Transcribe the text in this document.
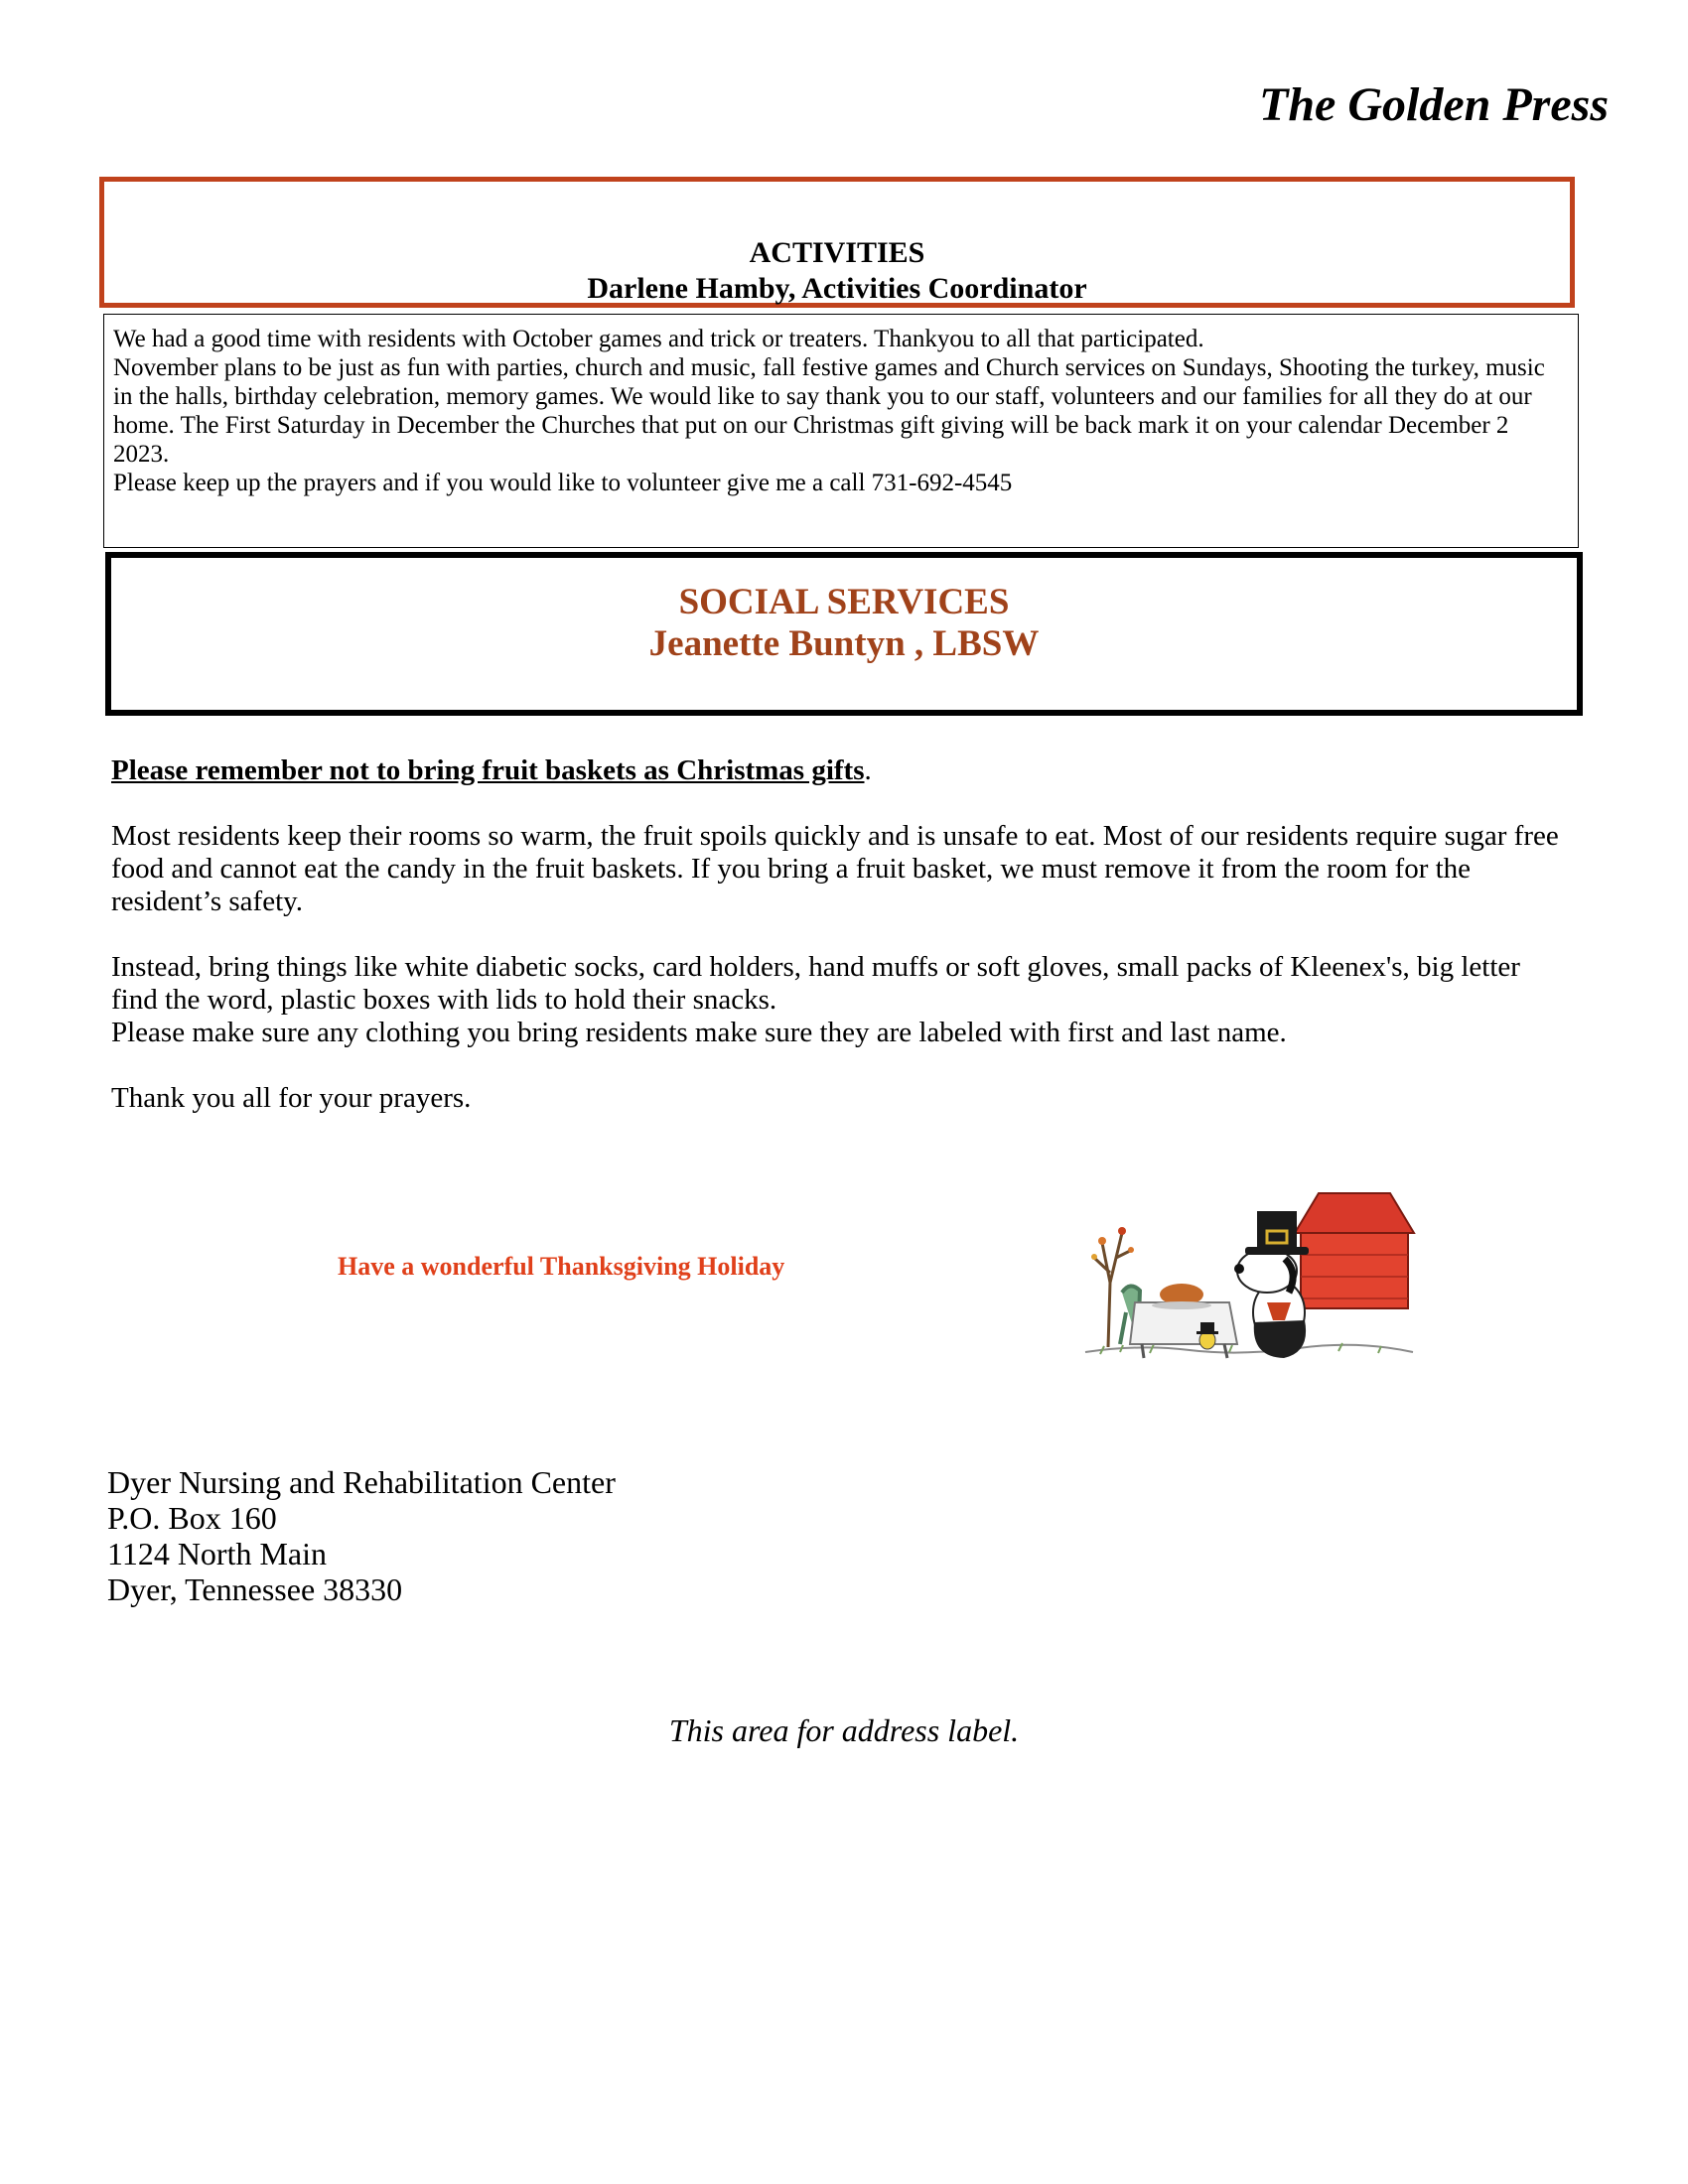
The Golden Press
ACTIVITIES
Darlene Hamby, Activities Coordinator

We had a good time with residents with October games and trick or treaters. Thankyou to all that participated.

November plans to be just as fun with parties, church and music, fall festive games and Church services on Sundays, Shooting the turkey, music in the halls, birthday celebration, memory games. We would like to say thank you to our staff, volunteers and our families for all they do at our home. The First Saturday in December the Churches that put on our Christmas gift giving will be back mark it on your calendar December 2 2023.

Please keep up the prayers and if you would like to volunteer give me a call 731-692-4545

SOCIAL SERVICES
Jeanette Buntyn , LBSW

Please remember not to bring fruit baskets as Christmas gifts.

Most residents keep their rooms so warm, the fruit spoils quickly and is unsafe to eat. Most of our residents require sugar free food and cannot eat the candy in the fruit baskets. If you bring a fruit basket, we must remove it from the room for the resident’s safety.

Instead, bring things like white diabetic socks, card holders, hand muffs or soft gloves, small packs of Kleenex's, big letter find the word, plastic boxes with lids to hold their snacks.

Please make sure any clothing you bring residents make sure they are labeled with first and last name.

Thank you all for your prayers.

Have a wonderful Thanksgiving Holiday
Dyer Nursing and Rehabilitation Center
P.O. Box 160
1124 North Main
Dyer, Tennessee 38330
This area for address label.
